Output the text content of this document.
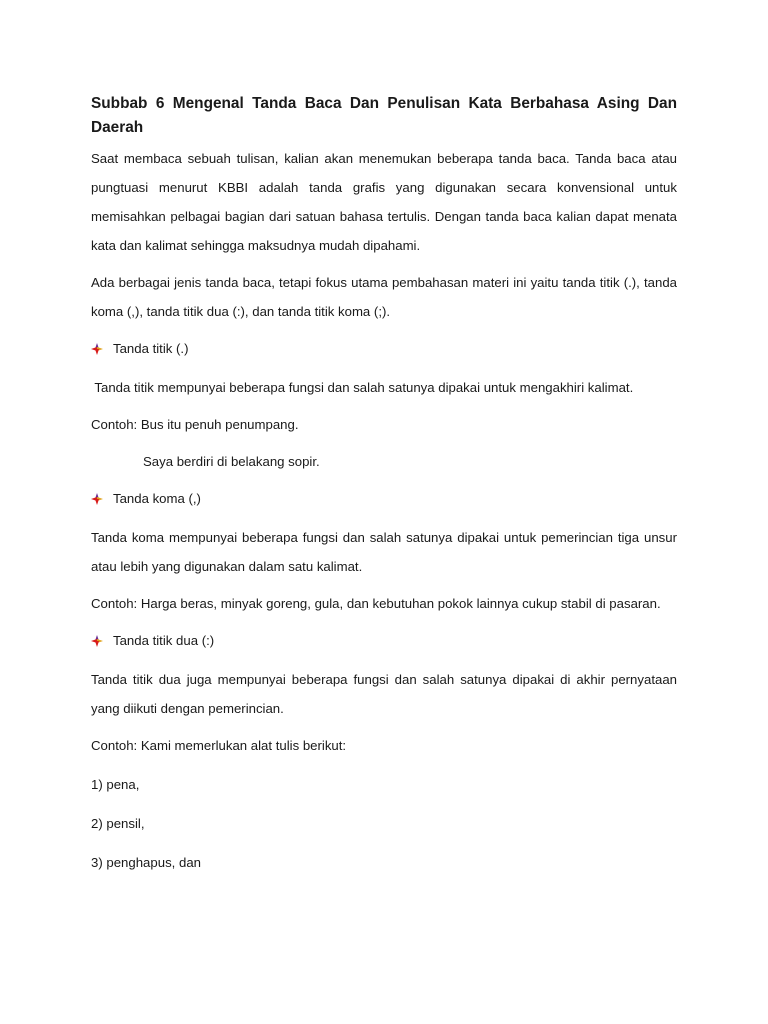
Subbab 6 Mengenal Tanda Baca Dan Penulisan Kata Berbahasa Asing Dan Daerah

Saat membaca sebuah tulisan, kalian akan menemukan beberapa tanda baca. Tanda baca atau pungtuasi menurut KBBI adalah tanda grafis yang digunakan secara konvensional untuk memisahkan pelbagai bagian dari satuan bahasa tertulis. Dengan tanda baca kalian dapat menata kata dan kalimat sehingga maksudnya mudah dipahami.

Ada berbagai jenis tanda baca, tetapi fokus utama pembahasan materi ini yaitu tanda titik (.), tanda koma (,), tanda titik dua (:), dan tanda titik koma (;).

Tanda titik (.)

Tanda titik mempunyai beberapa fungsi dan salah satunya dipakai untuk mengakhiri kalimat.

Contoh: Bus itu penuh penumpang.

Saya berdiri di belakang sopir.

Tanda koma (,)

Tanda koma mempunyai beberapa fungsi dan salah satunya dipakai untuk pemerincian tiga unsur atau lebih yang digunakan dalam satu kalimat.

Contoh: Harga beras, minyak goreng, gula, dan kebutuhan pokok lainnya cukup stabil di pasaran.

Tanda titik dua (:)

Tanda titik dua juga mempunyai beberapa fungsi dan salah satunya dipakai di akhir pernyataan yang diikuti dengan pemerincian.

Contoh: Kami memerlukan alat tulis berikut:

1) pena,

2) pensil,

3) penghapus, dan
